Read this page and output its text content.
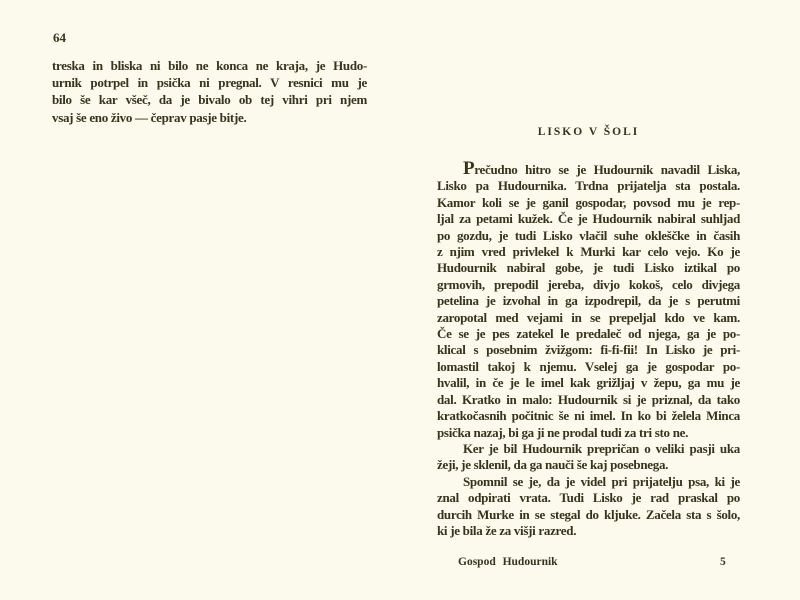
64
treska in bliska ni bilo ne konca ne kraja, je Hudo-
urnik potrpel in psička ni pregnal. V resnici mu je
bilo še kar všeč, da je bivalo ob tej vihri pri njem
vsaj še eno živo — čeprav pasje bitje.
LISKO V ŠOLI
Prečudno hitro se je Hudournik navadil Liska,
Lisko pa Hudournika. Trdna prijatelja sta postala.
Kamor koli se je ganil gospodar, povsod mu je rep-
ljal za petami kužek. Če je Hudournik nabiral suhljad
po gozdu, je tudi Lisko vlačil suhe okleščke in časih
z njim vred privlekel k Murki kar celo vejo. Ko je
Hudournik nabiral gobe, je tudi Lisko iztikal po
grmovih, prepodil jereba, divjo kokoš, celo divjega
petelina je izvohal in ga izpodrepil, da je s perutmi
zaropotal med vejami in se prepeljal kdo ve kam.
Če se je pes zatekel le predaleč od njega, ga je po-
klical s posebnim žvižgom: fi-fi-fii! In Lisko je pri-
lomastil takoj k njemu. Vselej ga je gospodar po-
hvalil, in če je le imel kak grižljaj v žepu, ga mu je
dal. Kratko in malo: Hudournik si je priznal, da tako
kratkočasnih počitnic še ni imel. In ko bi želela Minca
psička nazaj, bi ga ji ne prodal tudi za tri sto ne.
Ker je bil Hudournik prepričan o veliki pasji uka
žeji, je sklenil, da ga nauči še kaj posebnega.
Spomnil se je, da je videl pri prijatelju psa, ki je
znal odpirati vrata. Tudi Lisko je rad praskal po
durcih Murke in se stegal do kljuke. Začela sta s šolo,
ki je bila že za višji razred.
Gospod Hudournik	5
